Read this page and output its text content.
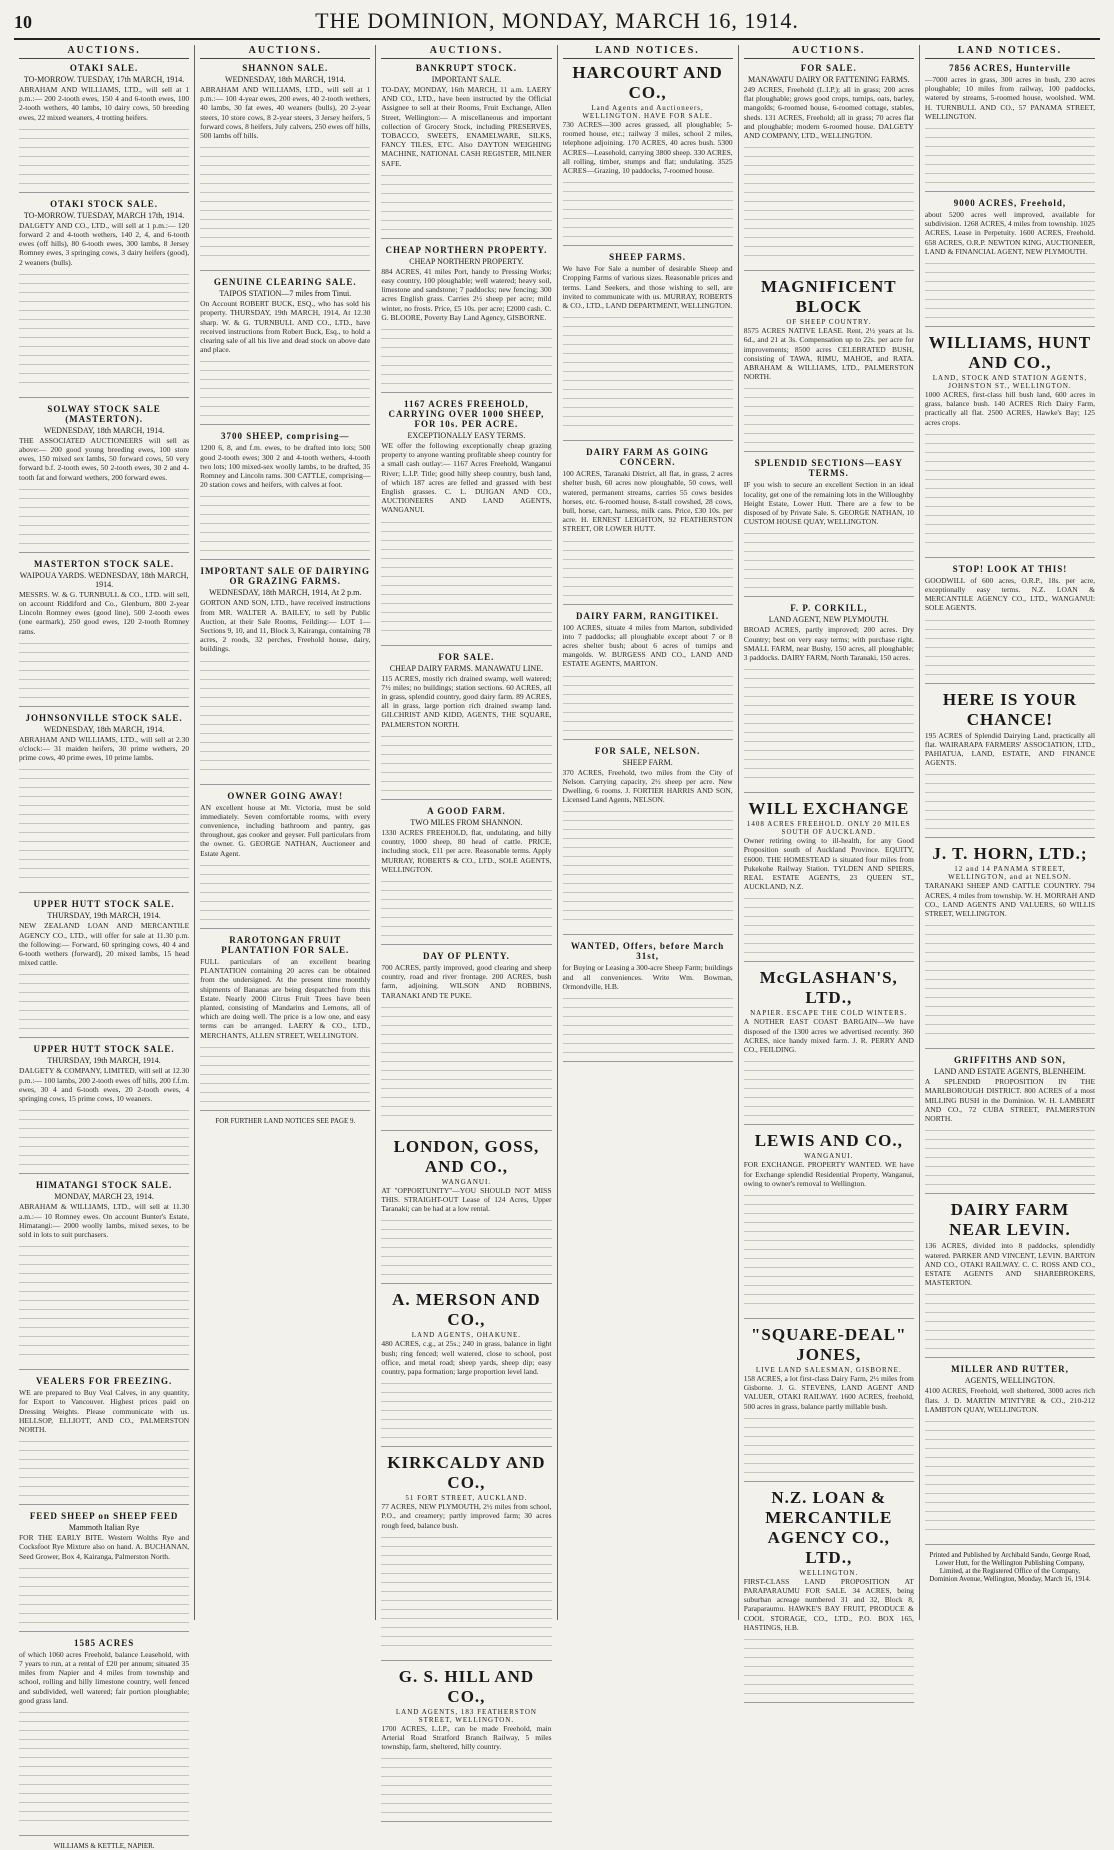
10	THE DOMINION, MONDAY, MARCH 16, 1914.
AUCTIONS.
OTAKI SALE.
TO-MORROW. TUESDAY, 17th MARCH, 1914.
ABRAHAM AND WILLIAMS, LTD., will sell at 1 p.m.:— 200 2-tooth ewes, 150 4 and 6-tooth ewes, 100 2-tooth wethers, 40 lambs, 10 dairy cows, 50 breeding ewes, 22 mixed weaners, 4 trotting heifers.
OTAKI STOCK SALE.
TO-MORROW. TUESDAY, MARCH 17th, 1914.
DALGETY AND CO., LTD., will sell at 1 p.m.:— 120 forward 2 and 4-tooth wethers, 140 2, 4, and 6-tooth ewes (off hills), 80 6-tooth ewes, 300 lambs, 8 Jersey Romney ewes, 3 springing cows, 3 dairy heifers (good), 2 weaners (bulls).
SOLWAY STOCK SALE (MASTERTON).
WEDNESDAY, 18th MARCH, 1914.
THE ASSOCIATED AUCTIONEERS will sell as above:— 200 good young breeding ewes, 100 store ewes, 150 mixed sex lambs, 50 forward cows, 50 very forward b.f. 2-tooth ewes, 50 2-tooth ewes, 30 2 and 4-tooth fat and forward wethers, 200 forward ewes.
MASTERTON STOCK SALE.
WAIPOUA YARDS. WEDNESDAY, 18th MARCH, 1914.
MESSRS. W. & G. TURNBULL & CO., LTD. will sell, on account Riddiford and Co., Glenburn, 800 2-year Lincoln Romney ewes (good line), 500 2-tooth ewes (one earmark), 250 good ewes, 120 2-tooth Romney rams.
JOHNSONVILLE STOCK SALE.
WEDNESDAY, 18th MARCH, 1914.
ABRAHAM AND WILLIAMS, LTD., will sell at 2.30 o'clock:— 31 maiden heifers, 30 prime wethers, 20 prime cows, 40 prime ewes, 10 prime lambs.
UPPER HUTT STOCK SALE.
THURSDAY, 19th MARCH, 1914.
NEW ZEALAND LOAN AND MERCANTILE AGENCY CO., LTD., will offer for sale at 11.30 p.m. the following:— Forward, 60 springing cows, 40 4 and 6-tooth wethers (forward), 20 mixed lambs, 15 head mixed cattle.
UPPER HUTT STOCK SALE.
THURSDAY, 19th MARCH, 1914.
DALGETY & COMPANY, LIMITED, will sell at 12.30 p.m.:— 100 lambs, 200 2-tooth ewes off hills, 200 f.f.m. ewes, 30 4 and 6-tooth ewes, 20 2-tooth ewes, 4 springing cows, 15 prime cows, 10 weaners.
HIMATANGI STOCK SALE.
MONDAY, MARCH 23, 1914.
ABRAHAM & WILLIAMS, LTD., will sell at 11.30 a.m.:— 10 Romney ewes. On account Bunter's Estate, Himatangi:— 2000 woolly lambs, mixed sexes, to be sold in lots to suit purchasers.
VEALERS FOR FREEZING.
WE are prepared to Buy Veal Calves, in any quantity, for Export to Vancouver. Highest prices paid on Dressing Weights. Please communicate with us. HELLSOP, ELLIOTT, AND CO., PALMERSTON NORTH.
FEED SHEEP on SHEEP FEED
Mammoth Italian Rye
FOR THE EARLY BITE. Western Wolths Rye and Cocksfoot Rye Mixture also on hand. A. BUCHANAN, Seed Grower, Box 4, Kairanga, Palmerston North.
1585 ACRES
of which 1060 acres Freehold, balance Leasehold, with 7 years to run, at a rental of £20 per annum; situated 35 miles from Napier and 4 miles from township and school, rolling and hilly limestone country, well fenced and subdivided, well watered; fair portion ploughable; good grass land.
WILLIAMS & KETTLE, NAPIER.
AUCTIONS.
SHANNON SALE.
WEDNESDAY, 18th MARCH, 1914.
ABRAHAM AND WILLIAMS, LTD., will sell at 1 p.m.:— 100 4-year ewes, 200 ewes, 40 2-tooth wethers, 40 lambs, 30 fat ewes, 40 weaners (bulls), 20 2-year steers, 10 store cows, 8 2-year steers, 3 Jersey heifers, 5 forward cows, 8 heifers, July calvers, 250 ewes off hills, 500 lambs off hills.
GENUINE CLEARING SALE.
TAIPOS STATION—7 miles from Tinui.
On Account ROBERT BUCK, ESQ., who has sold his property. THURSDAY, 19th MARCH, 1914, At 12.30 sharp. W. & G. TURNBULL AND CO., LTD., have received instructions from Robert Buck, Esq., to hold a clearing sale of all his live and dead stock on above date and place.
3700 SHEEP, comprising—
1200 6, 8, and f.m. ewes, to be drafted into lots; 500 good 2-tooth ewes; 300 2 and 4-tooth wethers, 4-tooth two lots; 100 mixed-sex woolly lambs, to be drafted, 35 Romney and Lincoln rams. 300 CATTLE, comprising—20 station cows and heifers, with calves at foot.
IMPORTANT SALE OF DAIRYING OR GRAZING FARMS.
WEDNESDAY, 18th MARCH, 1914, At 2 p.m.
GORTON AND SON, LTD., have received instructions from MR. WALTER A. BAILEY, to sell by Public Auction, at their Sale Rooms, Feilding:— LOT 1—Sections 9, 10, and 11, Block 3, Kairanga, containing 78 acres, 2 roods, 32 perches, Freehold house, dairy, buildings.
OWNER GOING AWAY!
AN excellent house at Mt. Victoria, must be sold immediately. Seven comfortable rooms, with every convenience, including bathroom and pantry, gas throughout, gas cooker and geyser. Full particulars from the owner. G. GEORGE NATHAN, Auctioneer and Estate Agent.
RAROTONGAN FRUIT PLANTATION FOR SALE.
FULL particulars of an excellent bearing PLANTATION containing 20 acres can be obtained from the undersigned. At the present time monthly shipments of Bananas are being despatched from this Estate. Nearly 2000 Citrus Fruit Trees have been planted, consisting of Mandarins and Lemons, all of which are doing well. The price is a low one, and easy terms can be arranged. LAERY & CO., LTD., MERCHANTS, ALLEN STREET, WELLINGTON.
FOR FURTHER LAND NOTICES SEE PAGE 9.
AUCTIONS.
BANKRUPT STOCK.
IMPORTANT SALE.
TO-DAY, MONDAY, 16th MARCH, 11 a.m. LAERY AND CO., LTD., have been instructed by the Official Assignee to sell at their Rooms, Fruit Exchange, Allen Street, Wellington:— A miscellaneous and important collection of Grocery Stock, including PRESERVES, TOBACCO, SWEETS, ENAMELWARE, SILKS, FANCY TILES, ETC. Also DAYTON WEIGHING MACHINE, NATIONAL CASH REGISTER, MILNER SAFE.
CHEAP NORTHERN PROPERTY.
CHEAP NORTHERN PROPERTY.
884 ACRES, 41 miles Port, handy to Pressing Works; easy country, 100 ploughable; well watered; heavy soil, limestone and sandstone; 7 paddocks; new fencing; 300 acres English grass. Carries 2½ sheep per acre; mild winter, no frosts. Price, £5 10s. per acre; £2000 cash. C. G. BLOORE, Poverty Bay Land Agency, GISBORNE.
1167 ACRES FREEHOLD, CARRYING OVER 1000 SHEEP, FOR 10s. PER ACRE.
EXCEPTIONALLY EASY TERMS.
WE offer the following exceptionally cheap grazing property to anyone wanting profitable sheep country for a small cash outlay:— 1167 Acres Freehold, Wanganui River; L.I.P. Title; good hilly sheep country, bush land, of which 187 acres are felled and grassed with best English grasses. C. L. DUIGAN AND CO., AUCTIONEERS AND LAND AGENTS, WANGANUI.
FOR SALE.
CHEAP DAIRY FARMS. MANAWATU LINE.
115 ACRES, mostly rich drained swamp, well watered; 7½ miles; no buildings; station sections. 60 ACRES, all in grass, splendid country, good dairy farm. 89 ACRES, all in grass, large portion rich drained swamp land. GILCHRIST AND KIDD, AGENTS, THE SQUARE, PALMERSTON NORTH.
A GOOD FARM.
TWO MILES FROM SHANNON.
1330 ACRES FREEHOLD, flat, undulating, and hilly country, 1000 sheep, 80 head of cattle. PRICE, including stock, £11 per acre. Reasonable terms. Apply MURRAY, ROBERTS & CO., LTD., SOLE AGENTS, WELLINGTON.
DAY OF PLENTY.
700 ACRES, partly improved, good clearing and sheep country, road and river frontage. 200 ACRES, bush farm, adjoining. WILSON AND ROBBINS, TARANAKI AND TE PUKE.
LONDON, GOSS, AND CO.,
WANGANUI.
AT "OPPORTUNITY"—YOU SHOULD NOT MISS THIS. STRAIGHT-OUT Lease of 124 Acres, Upper Taranaki; can be had at a low rental.
A. MERSON AND CO.,
LAND AGENTS, OHAKUNE.
480 ACRES, c.g., at 25s.; 240 in grass, balance in light bush; ring fenced; well watered, close to school, post office, and metal road; sheep yards, sheep dip; easy country, papa formation; large proportion level land.
KIRKCALDY AND CO.,
51 FORT STREET, AUCKLAND.
77 ACRES, NEW PLYMOUTH, 2½ miles from school, P.O., and creamery; partly improved farm; 30 acres rough feed, balance bush.
G. S. HILL AND CO.,
LAND AGENTS, 183 FEATHERSTON STREET, WELLINGTON.
1700 ACRES, L.I.P., can be made Freehold, main Arterial Road Stratford Branch Railway, 5 miles township, farm, sheltered, hilly country.
LAND NOTICES.
HARCOURT AND CO.,
Land Agents and Auctioneers, WELLINGTON. HAVE FOR SALE.
730 ACRES—300 acres grassed, all ploughable; 5-roomed house, etc.; railway 3 miles, school 2 miles, telephone adjoining. 170 ACRES, 40 acres bush. 5300 ACRES—Leasehold, carrying 3800 sheep. 330 ACRES, all rolling, timber, stumps and flat; undulating. 3525 ACRES—Grazing, 10 paddocks, 7-roomed house.
SHEEP FARMS.
We have For Sale a number of desirable Sheep and Cropping Farms of various sizes. Reasonable prices and terms. Land Seekers, and those wishing to sell, are invited to communicate with us. MURRAY, ROBERTS & CO., LTD., LAND DEPARTMENT, WELLINGTON.
DAIRY FARM AS GOING CONCERN.
100 ACRES, Taranaki District, all flat, in grass, 2 acres shelter bush, 60 acres now ploughable, 50 cows, well watered, permanent streams, carries 55 cows besides horses, etc. 6-roomed house, 8-stall cowshed, 28 cows, bull, horse, cart, harness, milk cans. Price, £30 10s. per acre. H. ERNEST LEIGHTON, 92 FEATHERSTON STREET, OR LOWER HUTT.
DAIRY FARM, RANGITIKEI.
100 ACRES, situate 4 miles from Marton, subdivided into 7 paddocks; all ploughable except about 7 or 8 acres shelter bush; about 6 acres of turnips and mangolds. W. BURGESS AND CO., LAND AND ESTATE AGENTS, MARTON.
FOR SALE, NELSON.
SHEEP FARM.
370 ACRES, Freehold, two miles from the City of Nelson. Carrying capacity, 2½ sheep per acre. New Dwelling, 6 rooms. J. FORTIER HARRIS AND SON, Licensed Land Agents, NELSON.
WANTED, Offers, before March 31st,
for Buying or Leasing a 300-acre Sheep Farm; buildings and all conveniences. Write Wm. Bowman, Ormondville, H.B.
AUCTIONS.
FOR SALE.
MANAWATU DAIRY OR FATTENING FARMS.
249 ACRES, Freehold (L.I.P.); all in grass; 200 acres flat ploughable; grows good crops, turnips, oats, barley, mangolds; 6-roomed house, 6-roomed cottage, stables, sheds. 131 ACRES, Freehold; all in grass; 70 acres flat and ploughable; modern 6-roomed house. DALGETY AND COMPANY, LTD., WELLINGTON.
MAGNIFICENT BLOCK
OF SHEEP COUNTRY.
8575 ACRES NATIVE LEASE. Rent, 2½ years at 1s. 6d., and 21 at 3s. Compensation up to 22s. per acre for improvements; 8500 acres CELEBRATED BUSH, consisting of TAWA, RIMU, MAHOE, and RATA. ABRAHAM & WILLIAMS, LTD., PALMERSTON NORTH.
SPLENDID SECTIONS—EASY TERMS.
IF you wish to secure an excellent Section in an ideal locality, get one of the remaining lots in the Willoughby Height Estate, Lower Hutt. There are a few to be disposed of by Private Sale. S. GEORGE NATHAN, 10 CUSTOM HOUSE QUAY, WELLINGTON.
F. P. CORKILL,
LAND AGENT, NEW PLYMOUTH.
BROAD ACRES, partly improved; 200 acres. Dry Country; best on very easy terms; with purchase right. SMALL FARM, near Bushy, 150 acres, all ploughable; 3 paddocks. DAIRY FARM, North Taranaki, 150 acres.
WILL EXCHANGE
1408 ACRES FREEHOLD. ONLY 20 MILES SOUTH OF AUCKLAND.
Owner retiring owing to ill-health, for any Good Proposition south of Auckland Province. EQUITY, £6000. THE HOMESTEAD is situated four miles from Pukekohe Railway Station. TYLDEN AND SPIERS, REAL ESTATE AGENTS, 23 QUEEN ST., AUCKLAND, N.Z.
McGLASHAN'S, LTD.,
NAPIER. ESCAPE THE COLD WINTERS.
A NOTHER EAST COAST BARGAIN—We have disposed of the 1300 acres we advertised recently. 360 ACRES, nice handy mixed farm. J. R. PERRY AND CO., FEILDING.
LEWIS AND CO.,
WANGANUI.
FOR EXCHANGE. PROPERTY WANTED. WE have for Exchange splendid Residential Property, Wanganui, owing to owner's removal to Wellington.
"SQUARE-DEAL" JONES,
LIVE LAND SALESMAN, GISBORNE.
158 ACRES, a lot first-class Dairy Farm, 2½ miles from Gisborne. J. G. STEVENS, LAND AGENT AND VALUER, OTAKI RAILWAY. 1600 ACRES, freehold, 500 acres in grass, balance partly millable bush.
N.Z. LOAN & MERCANTILE AGENCY CO., LTD.,
WELLINGTON.
FIRST-CLASS LAND PROPOSITION AT PARAPARAUMU FOR SALE. 34 ACRES, being suburban acreage numbered 31 and 32, Block 8, Paraparaumu. HAWKE'S BAY FRUIT, PRODUCE & COOL STORAGE, CO., LTD., P.O. BOX 165, HASTINGS, H.B.
LAND NOTICES.
7856 ACRES, Hunterville
—7000 acres in grass, 300 acres in bush, 230 acres ploughable; 10 miles from railway, 100 paddocks, watered by streams, 5-roomed house, woolshed. WM. H. TURNBULL AND CO., 57 PANAMA STREET, WELLINGTON.
9000 ACRES, Freehold,
about 5200 acres well improved, available for subdivision. 1268 ACRES, 4 miles from township. 1025 ACRES, Lease in Perpetuity. 1600 ACRES, Freehold. 658 ACRES, O.R.P. NEWTON KING, AUCTIONEER, LAND & FINANCIAL AGENT, NEW PLYMOUTH.
WILLIAMS, HUNT AND CO.,
LAND, STOCK AND STATION AGENTS, JOHNSTON ST., WELLINGTON.
1000 ACRES, first-class hill bush land, 600 acres in grass, balance bush. 140 ACRES Rich Dairy Farm, practically all flat. 2500 ACRES, Hawke's Bay; 125 acres crops.
STOP! LOOK AT THIS!
GOODWILL of 600 acres, O.R.P., 18s. per acre, exceptionally easy terms. N.Z. LOAN & MERCANTILE AGENCY CO., LTD., WANGANUI: SOLE AGENTS.
HERE IS YOUR CHANCE!
195 ACRES of Splendid Dairying Land, practically all flat. WAIRARAPA FARMERS' ASSOCIATION, LTD., PAHIATUA, LAND, ESTATE, AND FINANCE AGENTS.
J. T. HORN, LTD.;
12 and 14 PANAMA STREET, WELLINGTON, and at NELSON.
TARANAKI SHEEP AND CATTLE COUNTRY. 794 ACRES, 4 miles from township. W. H. MORRAH AND CO., LAND AGENTS AND VALUERS, 60 WILLIS STREET, WELLINGTON.
GRIFFITHS AND SON,
LAND AND ESTATE AGENTS, BLENHEIM.
A SPLENDID PROPOSITION IN THE MARLBOROUGH DISTRICT. 800 ACRES of a most MILLING BUSH in the Dominion. W. H. LAMBERT AND CO., 72 CUBA STREET, PALMERSTON NORTH.
DAIRY FARM NEAR LEVIN.
136 ACRES, divided into 8 paddocks, splendidly watered. PARKER AND VINCENT, LEVIN. BARTON AND CO., OTAKI RAILWAY. C. C. ROSS AND CO., ESTATE AGENTS AND SHAREBROKERS, MASTERTON.
MILLER AND RUTTER,
AGENTS, WELLINGTON.
4100 ACRES, Freehold, well sheltered, 3000 acres rich flats. J. D. MARTIN M'INTYRE & CO., 210-212 LAMBTON QUAY, WELLINGTON.
Printed and Published by Archibald Sando, George Road, Lower Hutt, for the Wellington Publishing Company, Limited, at the Registered Office of the Company, Dominion Avenue, Wellington, Monday, March 16, 1914.
